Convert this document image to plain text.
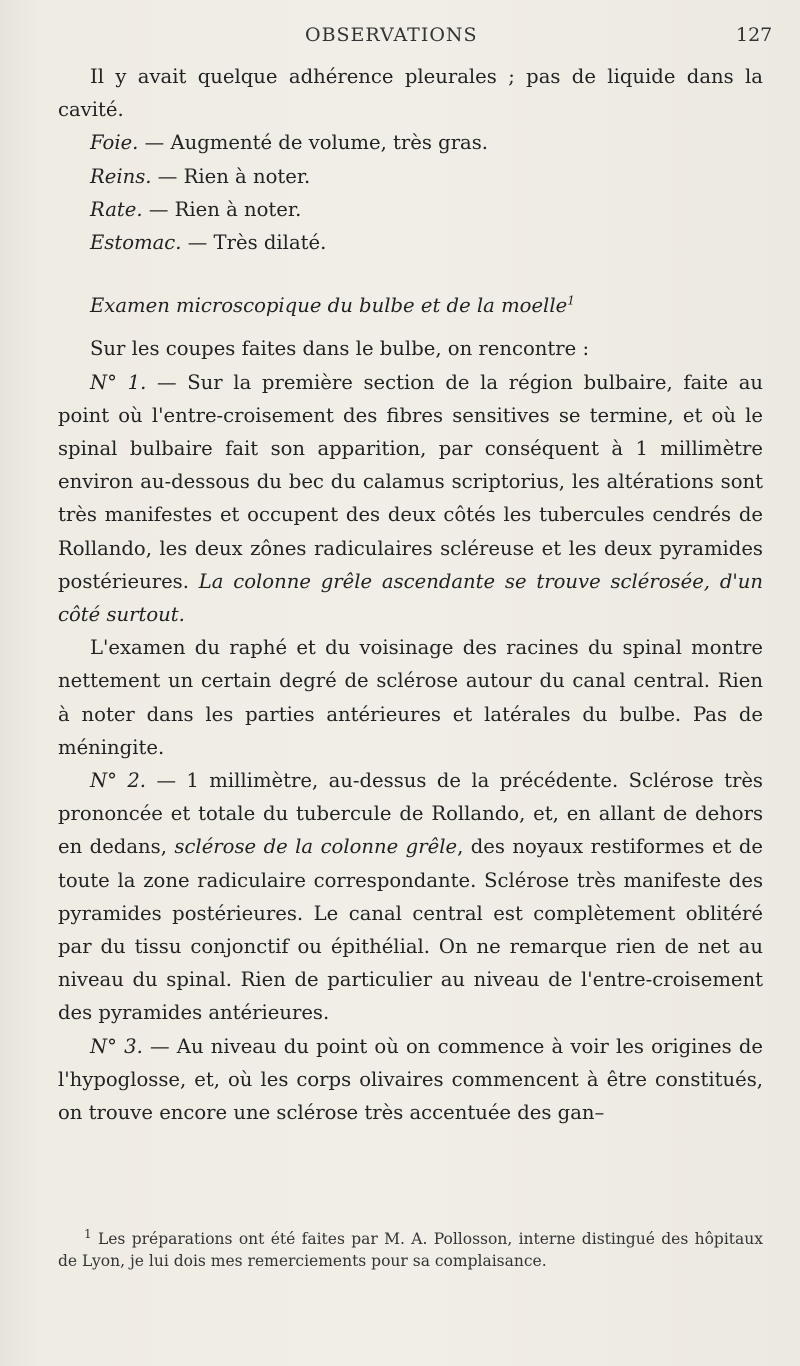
OBSERVATIONS	127

Il y avait quelque adhérence pleurales ; pas de liquide dans la cavité.

Foie. — Augmenté de volume, très gras.

Reins. — Rien à noter.

Rate. — Rien à noter.

Estomac. — Très dilaté.

Examen microscopique du bulbe et de la moelle$^1$

Sur les coupes faites dans le bulbe, on rencontre :

N° 1. — Sur la première section de la région bulbaire, faite au point où l'entre-croisement des fibres sensitives se termine, et où le spinal bulbaire fait son apparition, par conséquent à 1 millimètre environ au-dessous du bec du calamus scriptorius, les altérations sont très manifestes et occupent des deux côtés les tubercules cendrés de Rollando, les deux zônes radiculaires scléreuse et les deux pyramides postérieures. La colonne grêle ascendante se trouve sclérosée, d'un côté surtout.

L'examen du raphé et du voisinage des racines du spinal montre nettement un certain degré de sclérose autour du canal central. Rien à noter dans les parties antérieures et latérales du bulbe. Pas de méningite.

N° 2. — 1 millimètre, au-dessus de la précédente. Sclérose très prononcée et totale du tubercule de Rollando, et, en allant de dehors en dedans, sclérose de la colonne grêle, des noyaux restiformes et de toute la zone radiculaire correspondante. Sclérose très manifeste des pyramides postérieures. Le canal central est complètement oblitéré par du tissu conjonctif ou épithélial. On ne remarque rien de net au niveau du spinal. Rien de particulier au niveau de l'entre-croisement des pyramides antérieures.

N° 3. — Au niveau du point où on commence à voir les origines de l'hypoglosse, et, où les corps olivaires commencent à être constitués, on trouve encore une sclérose très accentuée des gan–

$^1$ Les préparations ont été faites par M. A. Pollosson, interne distingué des hôpitaux de Lyon, je lui dois mes remerciements pour sa complaisance.
